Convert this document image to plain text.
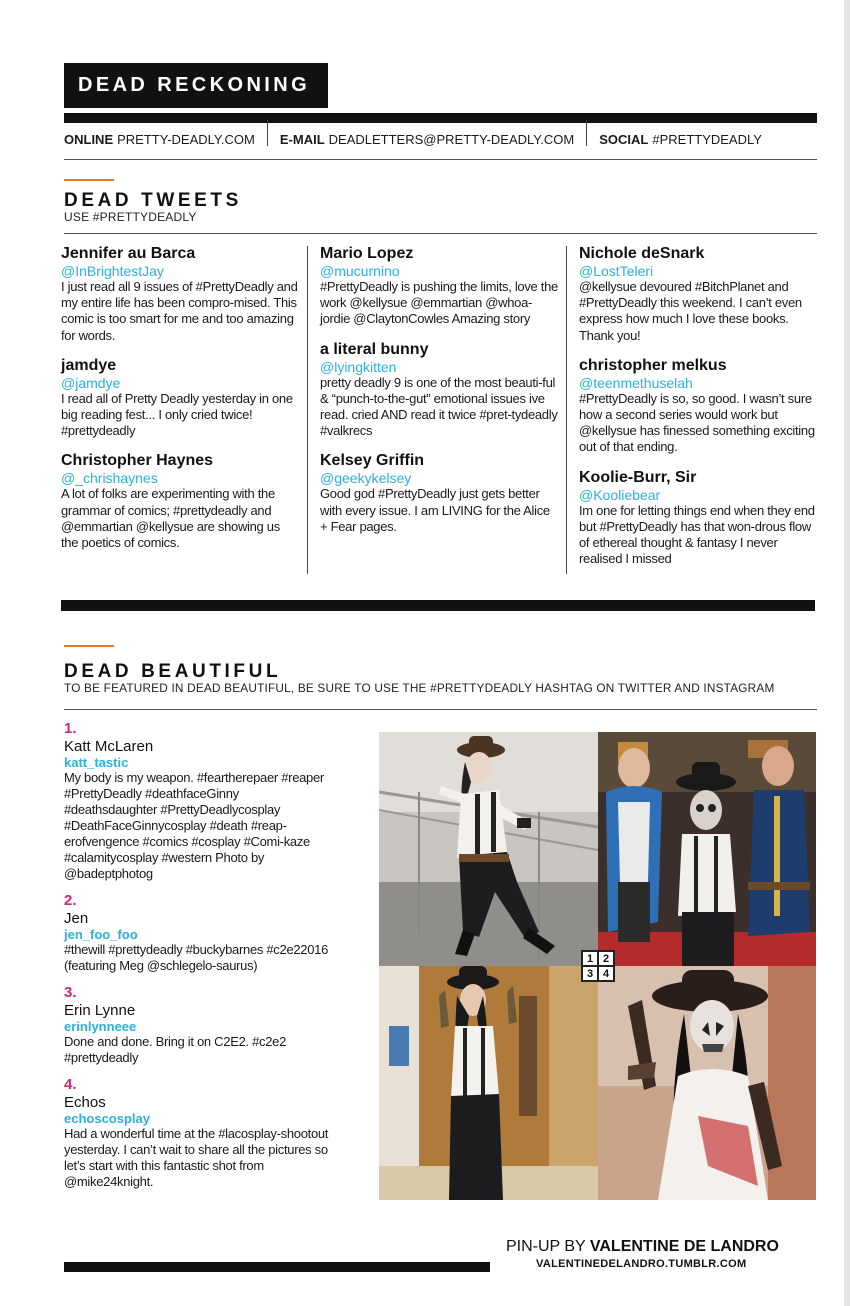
DEAD RECKONING
ONLINE PRETTY-DEADLY.COM E-MAIL DEADLETTERS@PRETTY-DEADLY.COM SOCIAL #PRETTYDEADLY
DEAD TWEETS
USE #PRETTYDEADLY
Jennifer au Barca
@InBrightestJay
I just read all 9 issues of #PrettyDeadly and my entire life has been compro-mised. This comic is too smart for me and too amazing for words.
jamdye
@jamdye
I read all of Pretty Deadly yesterday in one big reading fest... I only cried twice! #prettydeadly
Christopher Haynes
@_chrishaynes
A lot of folks are experimenting with the grammar of comics; #prettydeadly and @emmartian @kellysue are showing us the poetics of comics.
Mario Lopez
@mucurnino
#PrettyDeadly is pushing the limits, love the work @kellysue @emmartian @whoa-jordie @ClaytonCowles Amazing story
a literal bunny
@lyingkitten
pretty deadly 9 is one of the most beauti-ful & “punch-to-the-gut” emotional issues ive read. cried AND read it twice #pret-tydeadly #valkrecs
Kelsey Griffin
@geekykelsey
Good god #PrettyDeadly just gets better with every issue. I am LIVING for the Alice + Fear pages.
Nichole deSnark
@LostTeleri
@kellysue devoured #BitchPlanet and #PrettyDeadly this weekend. I can’t even express how much I love these books. Thank you!
christopher melkus
@teenmethuselah
#PrettyDeadly is so, so good. I wasn’t sure how a second series would work but @kellysue has finessed something exciting out of that ending.
Koolie-Burr, Sir
@Kooliebear
Im one for letting things end when they end but #PrettyDeadly has that won-drous flow of ethereal thought & fantasy I never realised I missed
DEAD BEAUTIFUL
TO BE FEATURED IN DEAD BEAUTIFUL, BE SURE TO USE THE #PRETTYDEADLY HASHTAG ON TWITTER AND INSTAGRAM
1.
Katt McLaren
katt_tastic
My body is my weapon. #feartherepaer #reaper #PrettyDeadly #deathfaceGinny #deathsdaughter #PrettyDeadlycosplay #DeathFaceGinnycosplay #death #reap-erofvengence #comics #cosplay #Comi-kaze #calamitycosplay #western Photo by @badeptphotog
2.
Jen
jen_foo_foo
#thewill #prettydeadly #buckybarnes #c2e22016 (featuring Meg @schlegelo-saurus)
3.
Erin Lynne
erinlynneee
Done and done. Bring it on C2E2. #c2e2 #prettydeadly
4.
Echos
echoscosplay
Had a wonderful time at the #lacosplay-shootout yesterday. I can’t wait to share all the pictures so let’s start with this fantastic shot from @mike24knight.
1 2
3 4
PIN-UP BY VALENTINE DE LANDRO
VALENTINEDELANDRO.TUMBLR.COM
